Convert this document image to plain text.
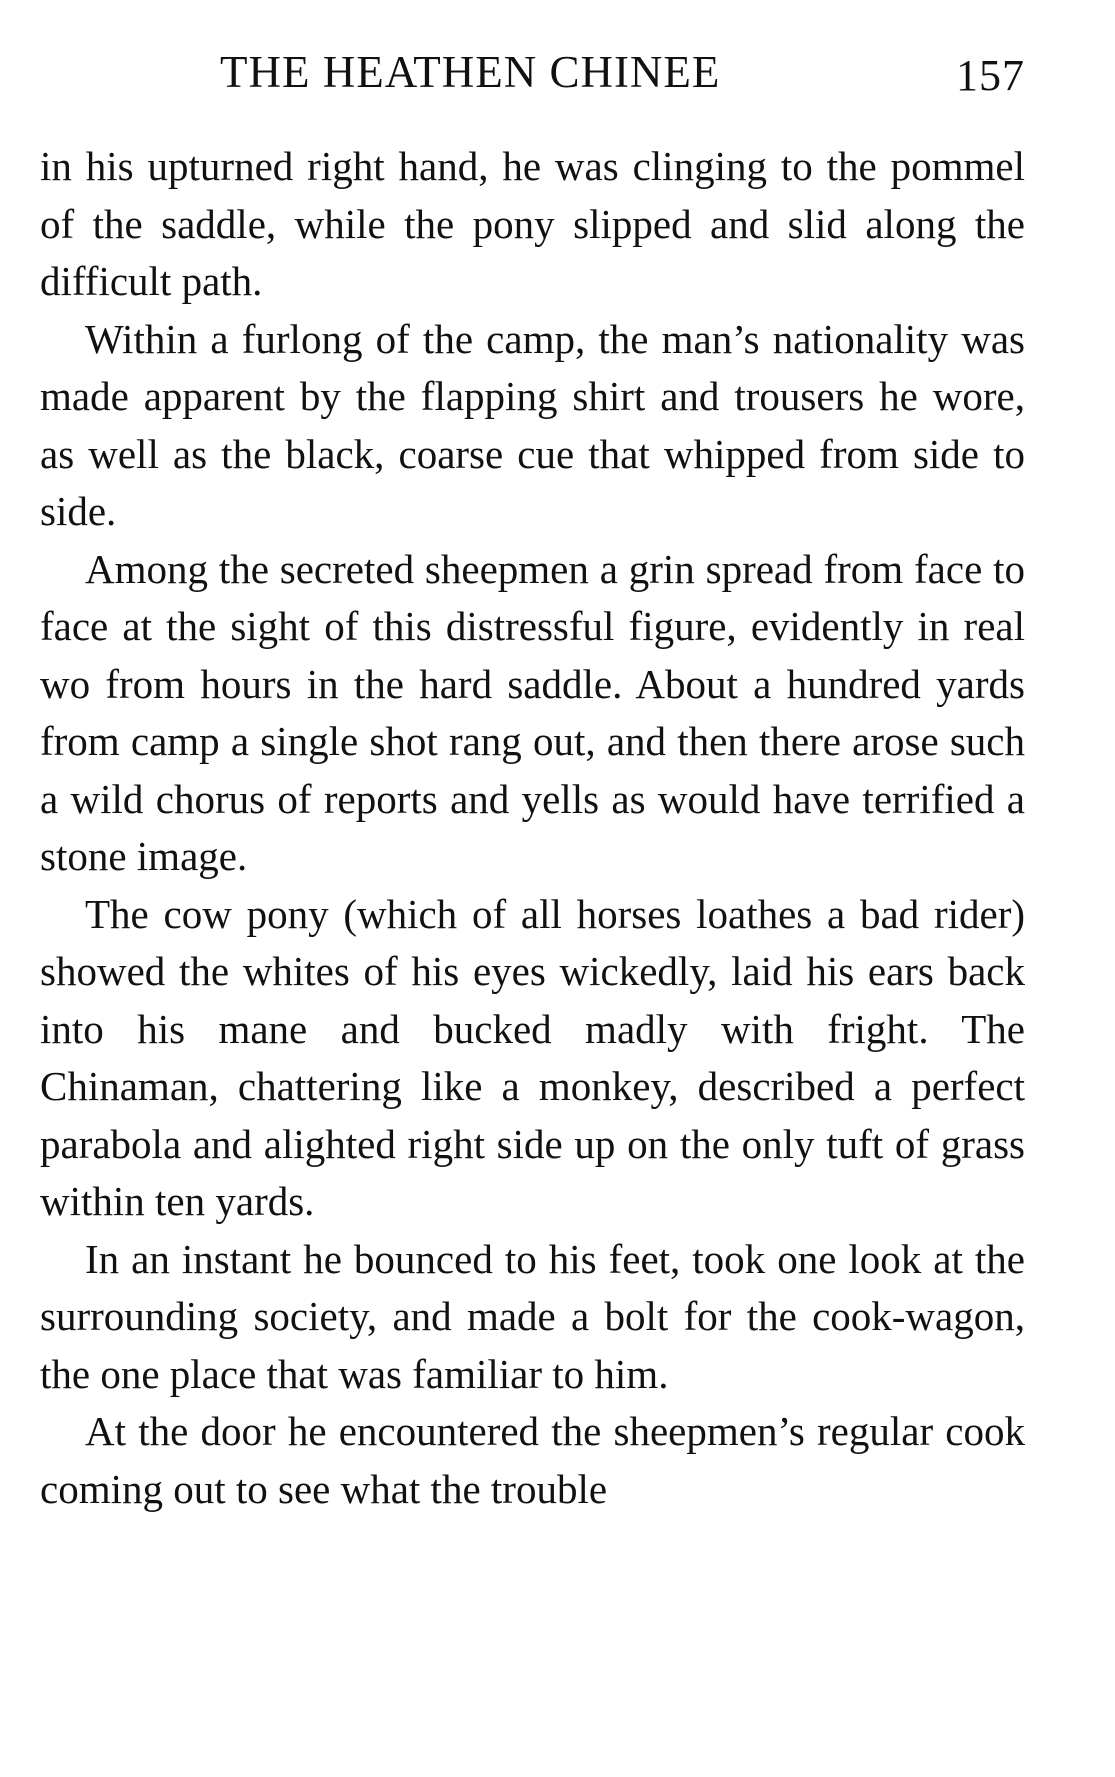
THE HEATHEN CHINEE	157

in his upturned right hand, he was clinging to the pommel of the saddle, while the pony slipped and slid along the difficult path.

Within a furlong of the camp, the man’s nationality was made apparent by the flapping shirt and trousers he wore, as well as the black, coarse cue that whipped from side to side.

Among the secreted sheepmen a grin spread from face to face at the sight of this distressful figure, evidently in real wo from hours in the hard saddle. About a hundred yards from camp a single shot rang out, and then there arose such a wild chorus of reports and yells as would have terrified a stone image.

The cow pony (which of all horses loathes a bad rider) showed the whites of his eyes wickedly, laid his ears back into his mane and bucked madly with fright. The Chinaman, chattering like a monkey, described a perfect parabola and alighted right side up on the only tuft of grass within ten yards.

In an instant he bounced to his feet, took one look at the surrounding society, and made a bolt for the cook-wagon, the one place that was familiar to him.

At the door he encountered the sheepmen’s regular cook coming out to see what the trouble
